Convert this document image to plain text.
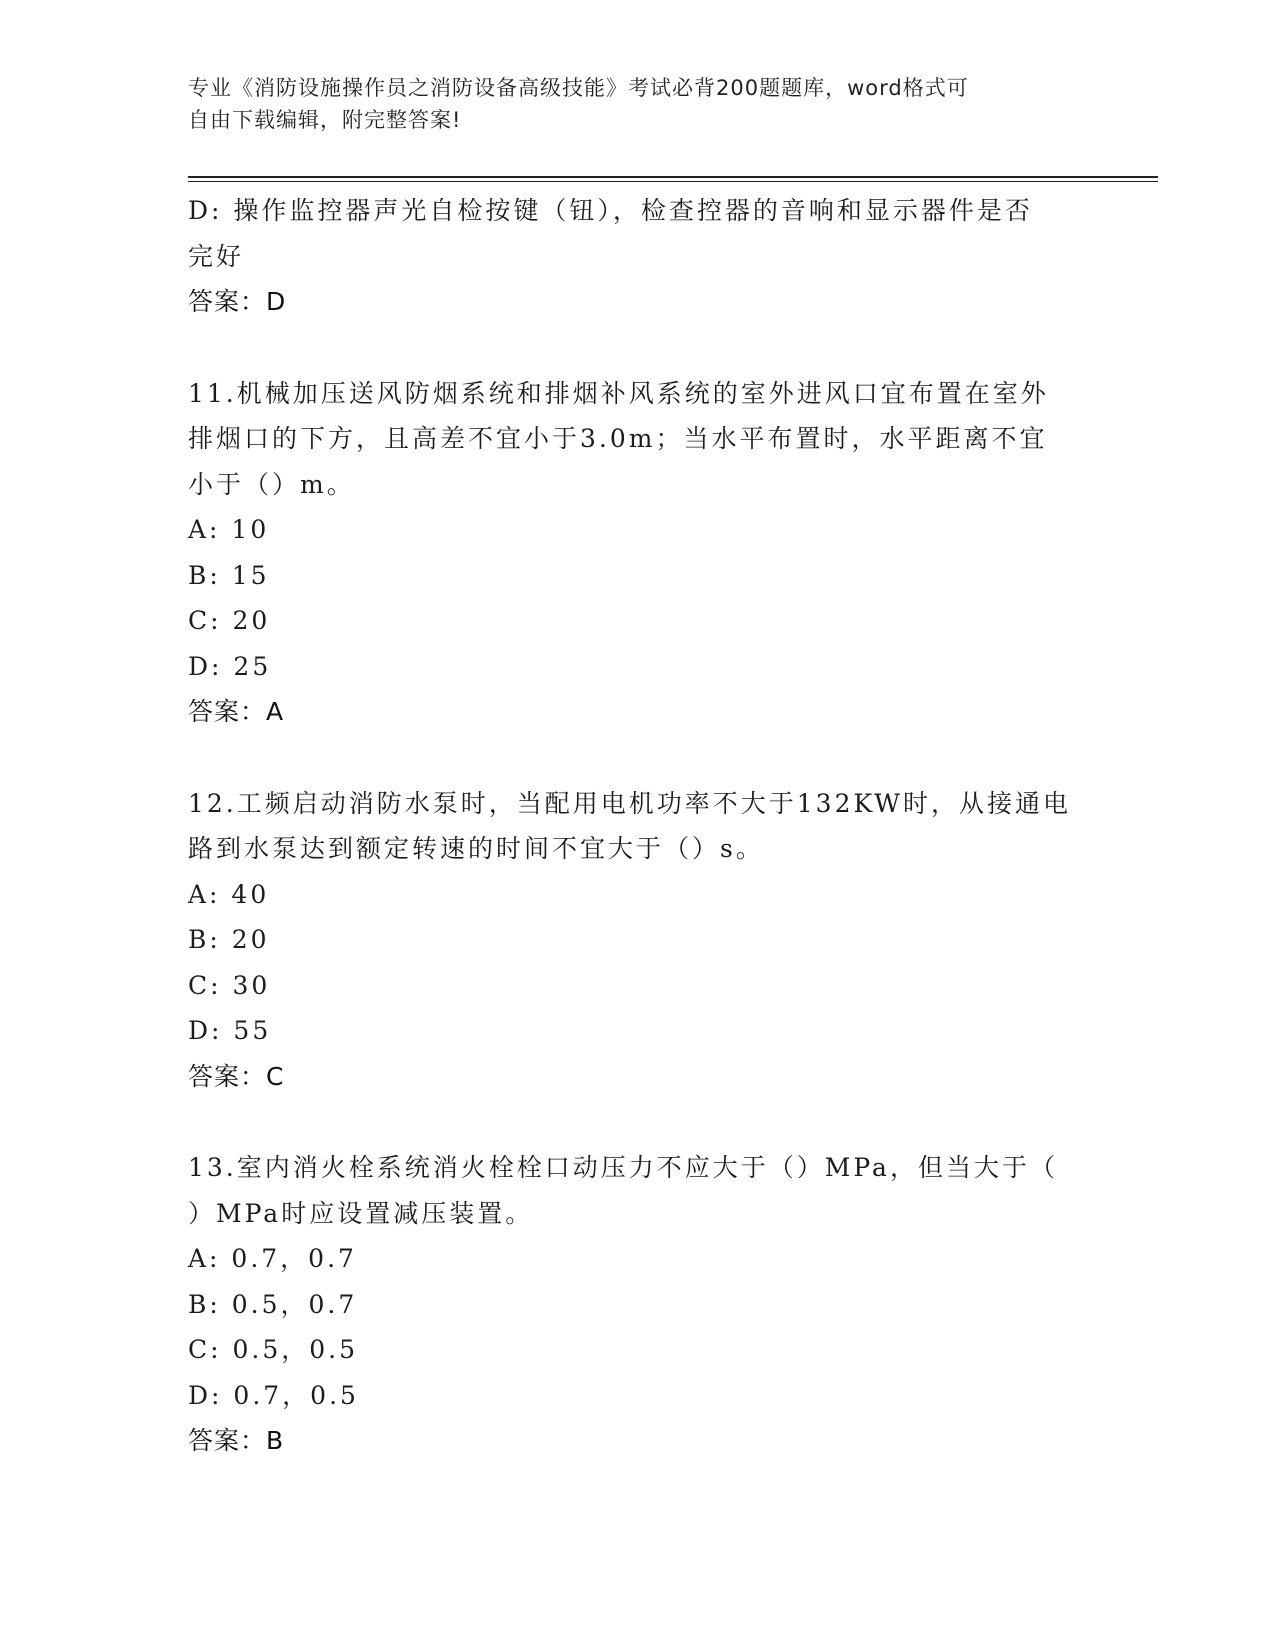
专业《消防设施操作员之消防设备高级技能》考试必背200题题库，word格式可
自由下载编辑，附完整答案!
D: 操作监控器声光自检按键（钮），检查控器的音响和显示器件是否
完好
答案：D
11.机械加压送风防烟系统和排烟补风系统的室外进风口宜布置在室外
排烟口的下方，且高差不宜小于3.0m；当水平布置时，水平距离不宜
小于（）m。
A: 10
B: 15
C: 20
D: 25
答案：A
12.工频启动消防水泵时，当配用电机功率不大于132KW时，从接通电
路到水泵达到额定转速的时间不宜大于（）s。
A: 40
B: 20
C: 30
D: 55
答案：C
13.室内消火栓系统消火栓栓口动压力不应大于（）MPa，但当大于（
）MPa时应设置减压装置。
A: 0.7，0.7
B: 0.5，0.7
C: 0.5，0.5
D: 0.7，0.5
答案：B
